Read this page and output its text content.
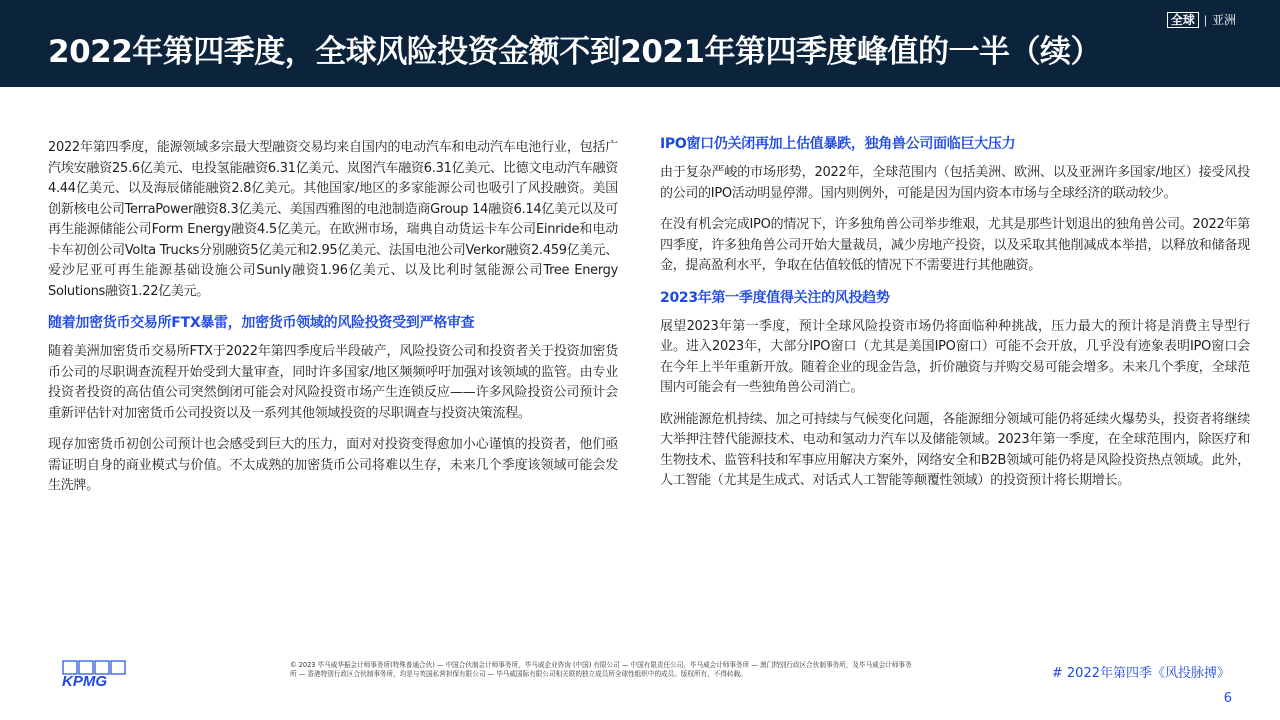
2022年第四季度，全球风险投资金额不到2021年第四季度峰值的一半（续）
全球 | 亚洲

2022年第四季度，能源领域多宗最大型融资交易均来自国内的电动汽车和电动汽车电池行业，包括广汽埃安融资25.6亿美元、电投氢能融资6.31亿美元、岚图汽车融资6.31亿美元、比德文电动汽车融资4.44亿美元、以及海辰储能融资2.8亿美元。其他国家/地区的多家能源公司也吸引了风投融资。美国创新核电公司TerraPower融资8.3亿美元、美国西雅图的电池制造商Group 14融资6.14亿美元以及可再生能源储能公司Form Energy融资4.5亿美元。在欧洲市场，瑞典自动货运卡车公司Einride和电动卡车初创公司Volta Trucks分别融资5亿美元和2.95亿美元、法国电池公司Verkor融资2.459亿美元、爱沙尼亚可再生能源基础设施公司Sunly融资1.96亿美元、以及比利时氢能源公司Tree Energy Solutions融资1.22亿美元。

随着加密货币交易所FTX暴雷，加密货币领域的风险投资受到严格审查

随着美洲加密货币交易所FTX于2022年第四季度后半段破产，风险投资公司和投资者关于投资加密货币公司的尽职调查流程开始受到大量审查，同时许多国家/地区频频呼吁加强对该领域的监管。由专业投资者投资的高估值公司突然倒闭可能会对风险投资市场产生连锁反应——许多风险投资公司预计会重新评估针对加密货币公司投资以及一系列其他领域投资的尽职调查与投资决策流程。

现存加密货币初创公司预计也会感受到巨大的压力，面对对投资变得愈加小心谨慎的投资者，他们亟需证明自身的商业模式与价值。不太成熟的加密货币公司将难以生存，未来几个季度该领域可能会发生洗牌。

IPO窗口仍关闭再加上估值暴跌，独角兽公司面临巨大压力

由于复杂严峻的市场形势，2022年，全球范围内（包括美洲、欧洲、以及亚洲许多国家/地区）接受风投的公司的IPO活动明显停滞。国内则例外，可能是因为国内资本市场与全球经济的联动较少。

在没有机会完成IPO的情况下，许多独角兽公司举步维艰，尤其是那些计划退出的独角兽公司。2022年第四季度，许多独角兽公司开始大量裁员，减少房地产投资，以及采取其他削减成本举措，以释放和储备现金，提高盈利水平，争取在估值较低的情况下不需要进行其他融资。

2023年第一季度值得关注的风投趋势

展望2023年第一季度，预计全球风险投资市场仍将面临种种挑战，压力最大的预计将是消费主导型行业。进入2023年，大部分IPO窗口（尤其是美国IPO窗口）可能不会开放，几乎没有迹象表明IPO窗口会在今年上半年重新开放。随着企业的现金告急，折价融资与并购交易可能会增多。未来几个季度，全球范围内可能会有一些独角兽公司消亡。

欧洲能源危机持续、加之可持续与气候变化问题，各能源细分领域可能仍将延续火爆势头，投资者将继续大举押注替代能源技术、电动和氢动力汽车以及储能领域。2023年第一季度，在全球范围内，除医疗和生物技术、监管科技和军事应用解决方案外，网络安全和B2B领域可能仍将是风险投资热点领域。此外，人工智能（尤其是生成式、对话式人工智能等颠覆性领域）的投资预计将长期增长。

KPMG
© 2023 毕马威华振会计师事务所(特殊普通合伙) — 中国合伙制会计师事务所，毕马威企业咨询 (中国) 有限公司 — 中国有限责任公司，毕马威会计师事务所 — 澳门特别行政区合伙制事务所，及毕马威会计师事务所 — 香港特别行政区合伙制事务所，均是与英国私营担保有限公司 — 毕马威国际有限公司相关联的独立成员所全球性组织中的成员。版权所有，不得转载。	# 2022年第四季《风投脉搏》
6
